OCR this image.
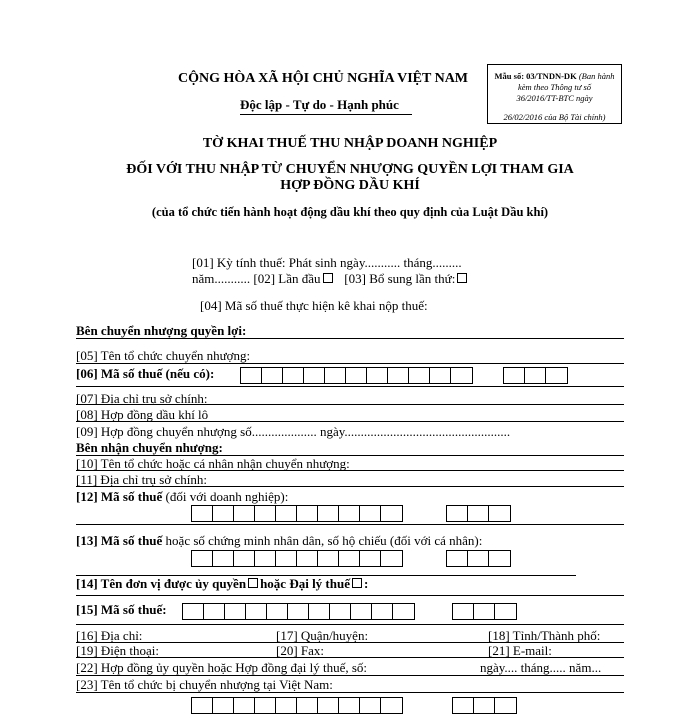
CỘNG HÒA XÃ HỘI CHỦ NGHĨA VIỆT NAM
Độc lập - Tự do - Hạnh phúc
Mẫu số: 03/TNDN-DK (Ban hành kèm theo Thông tư số
36/2016/TT-BTC ngày
26/02/2016 của Bộ Tài chính)
TỜ KHAI THUẾ THU NHẬP DOANH NGHIỆP
ĐỐI VỚI THU NHẬP TỪ CHUYỂN NHƯỢNG QUYỀN LỢI THAM GIA
HỢP ĐỒNG DẦU KHÍ
(của tổ chức tiến hành hoạt động dầu khí theo quy định của Luật Dầu khí)
[01] Kỳ tính thuế: Phát sinh ngày........... tháng.........
năm........... [02] Lần đầu [03] Bổ sung lần thứ:
[04] Mã số thuế thực hiện kê khai nộp thuế:
Bên chuyển nhượng quyền lợi:
[05] Tên tổ chức chuyển nhượng:
[06] Mã số thuế (nếu có):
[07] Địa chỉ trụ sở chính:
[08] Hợp đồng dầu khí lô
[09] Hợp đồng chuyển nhượng số.................... ngày...................................................
Bên nhận chuyển nhượng:
[10] Tên tổ chức hoặc cá nhân nhận chuyển nhượng:
[11] Địa chỉ trụ sở chính:
[12] Mã số thuế (đối với doanh nghiệp):
[13] Mã số thuế hoặc số chứng minh nhân dân, số hộ chiếu (đối với cá nhân):
[14] Tên đơn vị được ủy quyền hoặc Đại lý thuế :
[15] Mã số thuế:
[16] Địa chỉ:	[17] Quận/huyện:	[18] Tỉnh/Thành phố:
[19] Điện thoại:	[20] Fax:	[21] E-mail:
[22] Hợp đồng ủy quyền hoặc Hợp đồng đại lý thuế, số:	ngày.... tháng..... năm...
[23] Tên tổ chức bị chuyển nhượng tại Việt Nam:
